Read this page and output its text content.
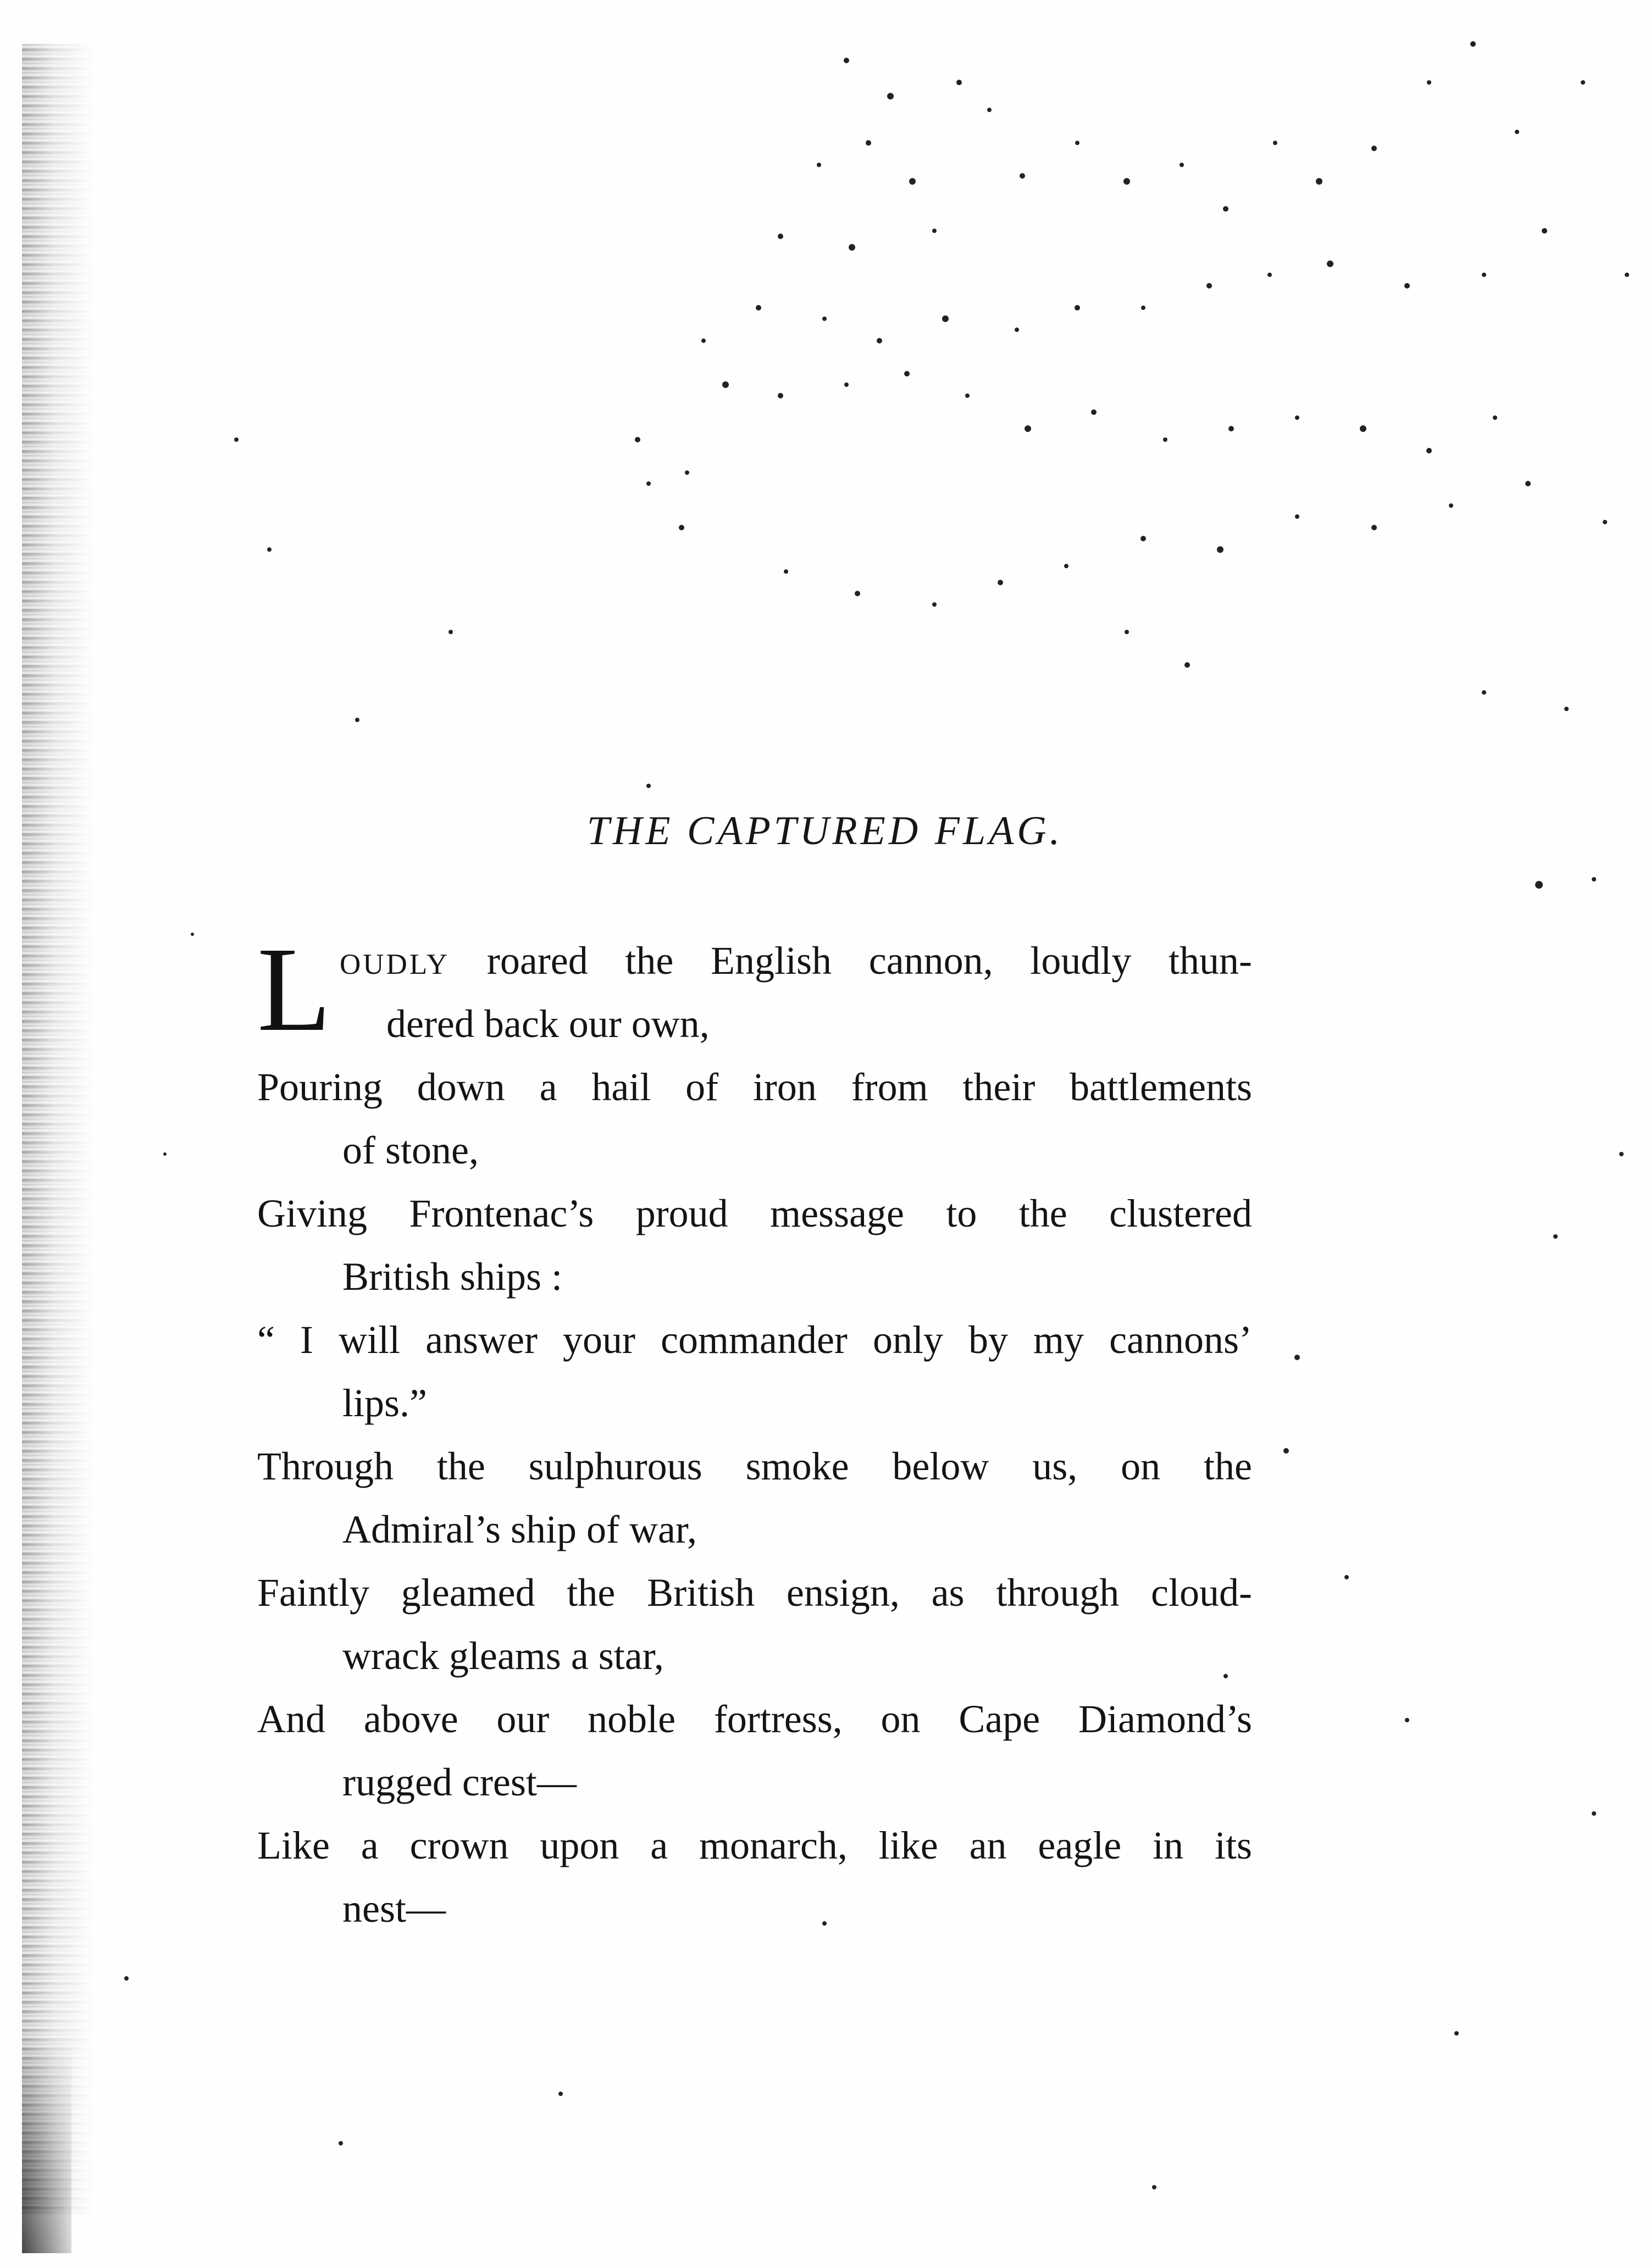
THE CAPTURED FLAG.
L oudly roared the English cannon, loudly thun-
dered back our own,
Pouring down a hail of iron from their battlements
of stone,
Giving Frontenac’s proud message to the clustered
British ships :
“ I will answer your commander only by my cannons’
lips.”
Through the sulphurous smoke below us, on the
Admiral’s ship of war,
Faintly gleamed the British ensign, as through cloud-
wrack gleams a star,
And above our noble fortress, on Cape Diamond’s
rugged crest—
Like a crown upon a monarch, like an eagle in its
nest—
